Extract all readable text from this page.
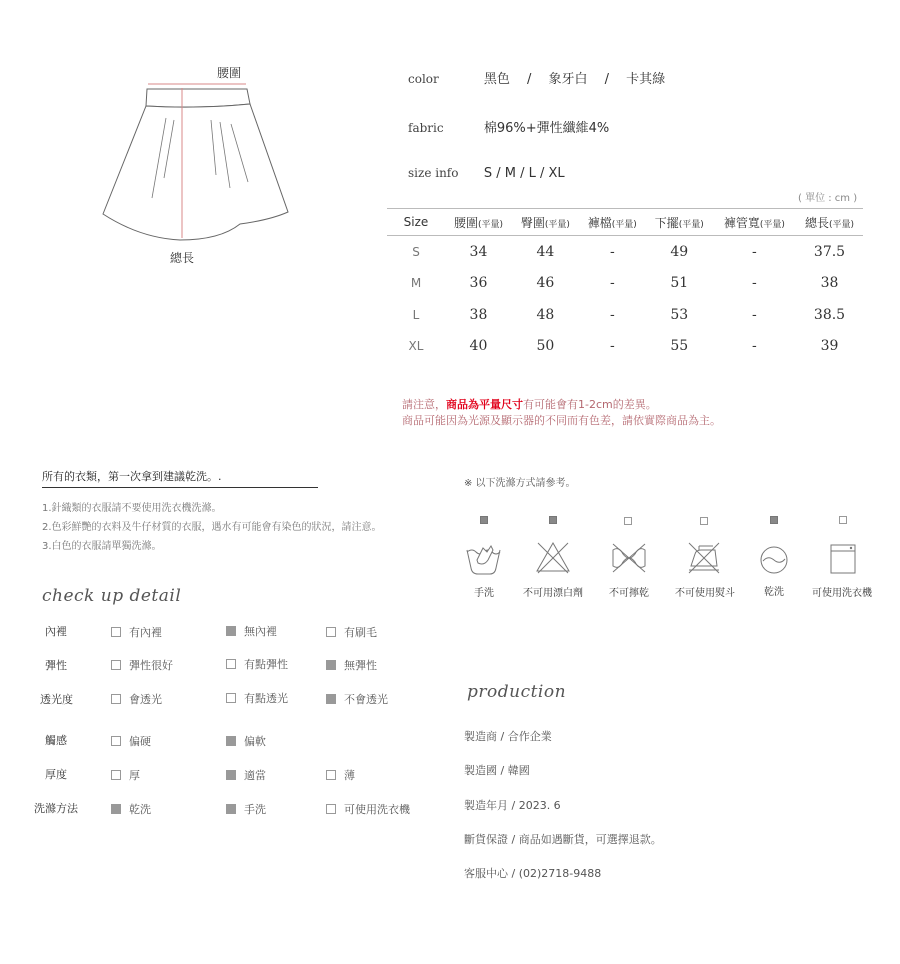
腰圍
總長
color	黑色　 /　 象牙白　 /　 卡其綠
fabric	棉96%+彈性纖維4%
size info S / M / L / XL
( 單位 : cm )
Size	腰圍(平量)	臀圍(平量)	褲檔(平量)	下擺(平量)	褲管寬(平量)	總長(平量)
S	34	44	-	49	-	37.5
M	36	46	-	51	-	38
L	38	48	-	53	-	38.5
XL	40	50	-	55	-	39
請注意，商品為平量尺寸有可能會有1-2cm的差異。
商品可能因為光源及顯示器的不同而有色差，請依實際商品為主。
所有的衣類，第一次拿到建議乾洗。.
1.針織類的衣服請不要使用洗衣機洗滌。
2.色彩鮮艷的衣料及牛仔材質的衣服，遇水有可能會有染色的狀況，請注意。
3.白色的衣服請單獨洗滌。
※ 以下洗滌方式請參考。
手洗	不可用漂白劑	不可擰乾	不可使用熨斗	乾洗	可使用洗衣機
check up detail
內裡	有內裡	無內裡	有刷毛
彈性	彈性很好	有點彈性	無彈性
透光度	會透光	有點透光	不會透光
觸感	偏硬	偏軟
厚度	厚	適當	薄
洗滌方法	乾洗	手洗	可使用洗衣機
production
製造商 / 合作企業
製造國 / 韓國
製造年月 / 2023. 6
斷貨保證 / 商品如遇斷貨，可選擇退款。
客服中心 / (02)2718-9488
